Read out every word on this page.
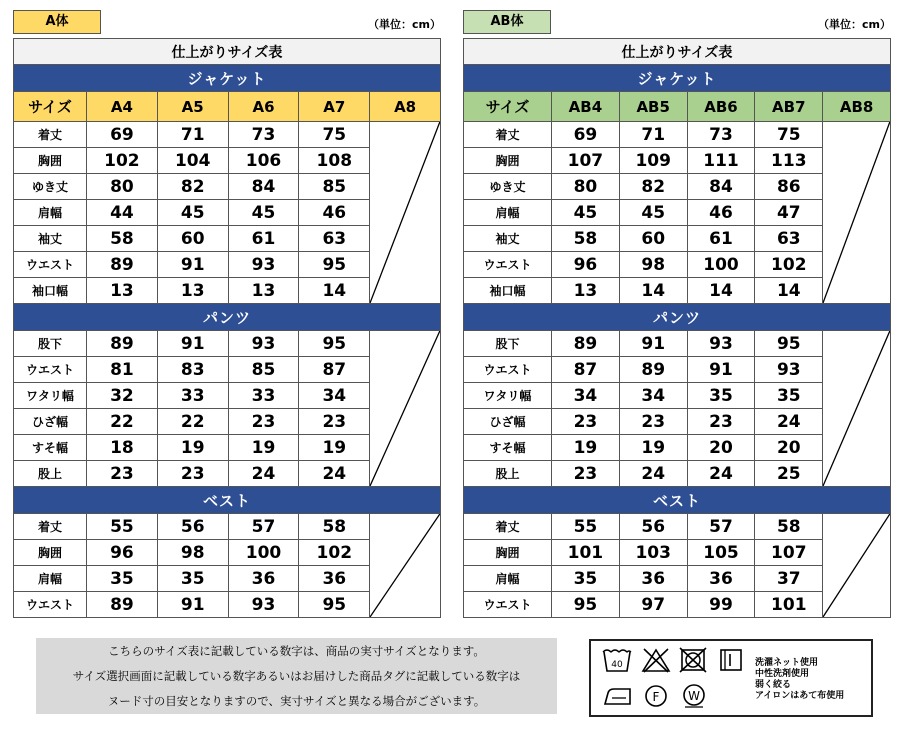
A体	（単位：cm）
仕上がりサイズ表					
ジャケット					
サイズ	A4	A5	A6	A7	A8
着丈	69	71	73	75	

胸囲	102	104	106	108	
ゆき丈	80	82	84	85	
肩幅	44	45	45	46	
袖丈	58	60	61	63	
ウエスト	89	91	93	95	
袖口幅	13	13	13	14	
パンツ					
股下	89	91	93	95	

ウエスト	81	83	85	87	
ワタリ幅	32	33	33	34	
ひざ幅	22	22	23	23	
すそ幅	18	19	19	19	
股上	23	23	24	24	
ベスト					
着丈	55	56	57	58	

胸囲	96	98	100	102	
肩幅	35	35	36	36	
ウエスト	89	91	93	95	
AB体	（単位：cm）
仕上がりサイズ表					
ジャケット					
サイズ	AB4	AB5	AB6	AB7	AB8
着丈	69	71	73	75	

胸囲	107	109	111	113	
ゆき丈	80	82	84	86	
肩幅	45	45	46	47	
袖丈	58	60	61	63	
ウエスト	96	98	100	102	
袖口幅	13	14	14	14	
パンツ					
股下	89	91	93	95	

ウエスト	87	89	91	93	
ワタリ幅	34	34	35	35	
ひざ幅	23	23	23	24	
すそ幅	19	19	20	20	
股上	23	24	24	25	
ベスト					
着丈	55	56	57	58	

胸囲	101	103	105	107	
肩幅	35	36	36	37	
ウエスト	95	97	99	101	
こちらのサイズ表に記載している数字は、商品の実寸サイズとなります。
サイズ選択画面に記載している数字あるいはお届けした商品タグに記載している数字は
ヌード寸の目安となりますので、実寸サイズと異なる場合がございます。
40
F W
洗濯ネット使用
中性洗剤使用
弱く絞る
アイロンはあて布使用
